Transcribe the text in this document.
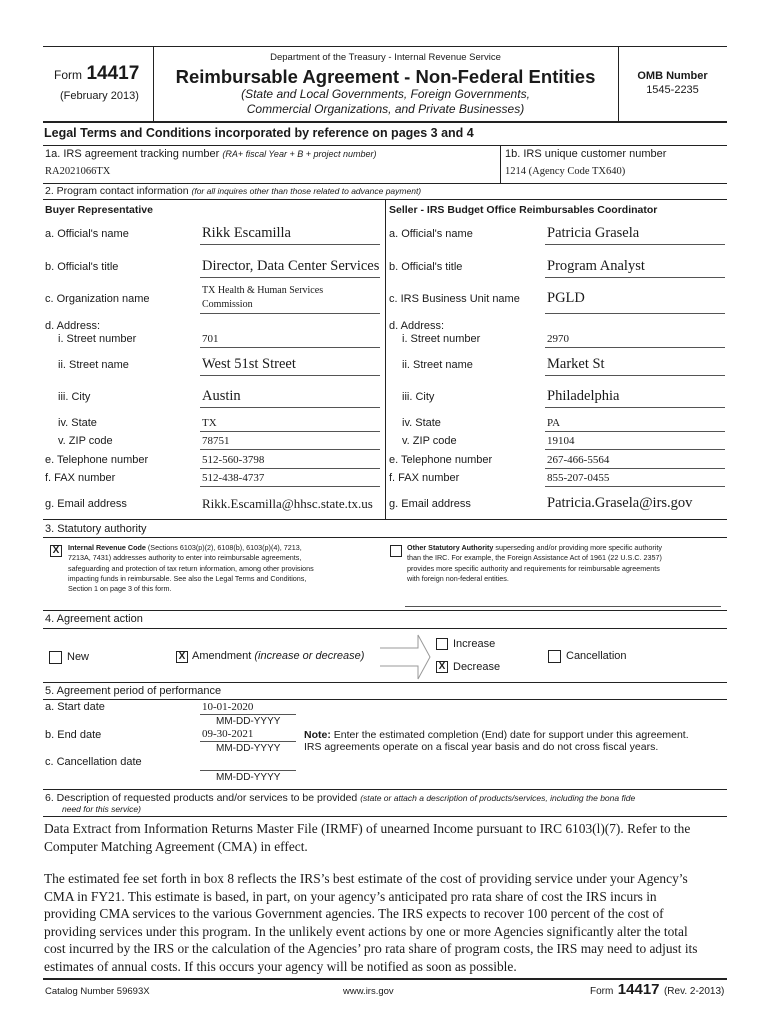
Department of the Treasury - Internal Revenue Service
Form 14417
(February 2013)
Reimbursable Agreement - Non-Federal Entities
(State and Local Governments, Foreign Governments,
Commercial Organizations, and Private Businesses)
OMB Number
1545-2235
Legal Terms and Conditions incorporated by reference on pages 3 and 4
1a. IRS agreement tracking number (RA+ fiscal Year + B + project number)
RA2021066TX
1b. IRS unique customer number
1214 (Agency Code TX640)
2. Program contact information (for all inquires other than those related to advance payment)
Buyer Representative	Seller - IRS Budget Office Reimbursables Coordinator
a. Official's name	Rikk Escamilla
b. Official's title	Director, Data Center Services
c. Organization name
TX Health & Human Services
Commission
d. Address:
i. Street number	701
ii. Street name	West 51st Street
iii. City	Austin
iv. State	TX
v. ZIP code	78751
e. Telephone number	512-560-3798
f. FAX number	512-438-4737
g. Email address	Rikk.Escamilla@hhsc.state.tx.us
a. Official's name	Patricia Grasela
b. Official's title	Program Analyst
c. IRS Business Unit name PGLD
d. Address:
i. Street number	2970
ii. Street name	Market St
iii. City	Philadelphia
iv. State	PA
v. ZIP code	19104
e. Telephone number	267-466-5564
f. FAX number	855-207-0455
g. Email address	Patricia.Grasela@irs.gov
3. Statutory authority
X	Internal Revenue Code (Sections 6103(p)(2), 6108(b), 6103(p)(4), 7213,
7213A, 7431) addresses authority to enter into reimbursable agreements,
safeguarding and protection of tax return information, among other provisions
impacting funds in reimbursable. See also the Legal Terms and Conditions,
Section 1 on page 3 of this form.
Other Statutory Authority superseding and/or providing more specific authority
than the IRC. For example, the Foreign Assistance Act of 1961 (22 U.S.C. 2357)
provides more specific authority and requirements for reimbursable agreements
with foreign non-federal entities.
4. Agreement action
New	X Amendment (increase or decrease)
Increase
X Decrease
Cancellation
5. Agreement period of performance
a. Start date	10-01-2020
MM-DD-YYYY
b. End date	09-30-2021
MM-DD-YYYY
c. Cancellation date
MM-DD-YYYY
Note: Enter the estimated completion (End) date for support under this agreement.
IRS agreements operate on a fiscal year basis and do not cross fiscal years.
6. Description of requested products and/or services to be provided (state or attach a description of products/services, including the bona fide
need for this service)
Data Extract from Information Returns Master File (IRMF) of unearned Income pursuant to IRC 6103(l)(7). Refer to the
Computer Matching Agreement (CMA) in effect.
The estimated fee set forth in box 8 reflects the IRS’s best estimate of the cost of providing service under your Agency’s
CMA in FY21. This estimate is based, in part, on your agency’s anticipated pro rata share of cost the IRS incurs in
providing CMA services to the various Government agencies. The IRS expects to recover 100 percent of the cost of
providing services under this program. In the unlikely event actions by one or more Agencies significantly alter the total
cost incurred by the IRS or the calculation of the Agencies’ pro rata share of program costs, the IRS may need to adjust its
estimates of annual costs. If this occurs your agency will be notified as soon as possible.
Catalog Number 59693X	www.irs.gov	Form 14417 (Rev. 2-2013)
